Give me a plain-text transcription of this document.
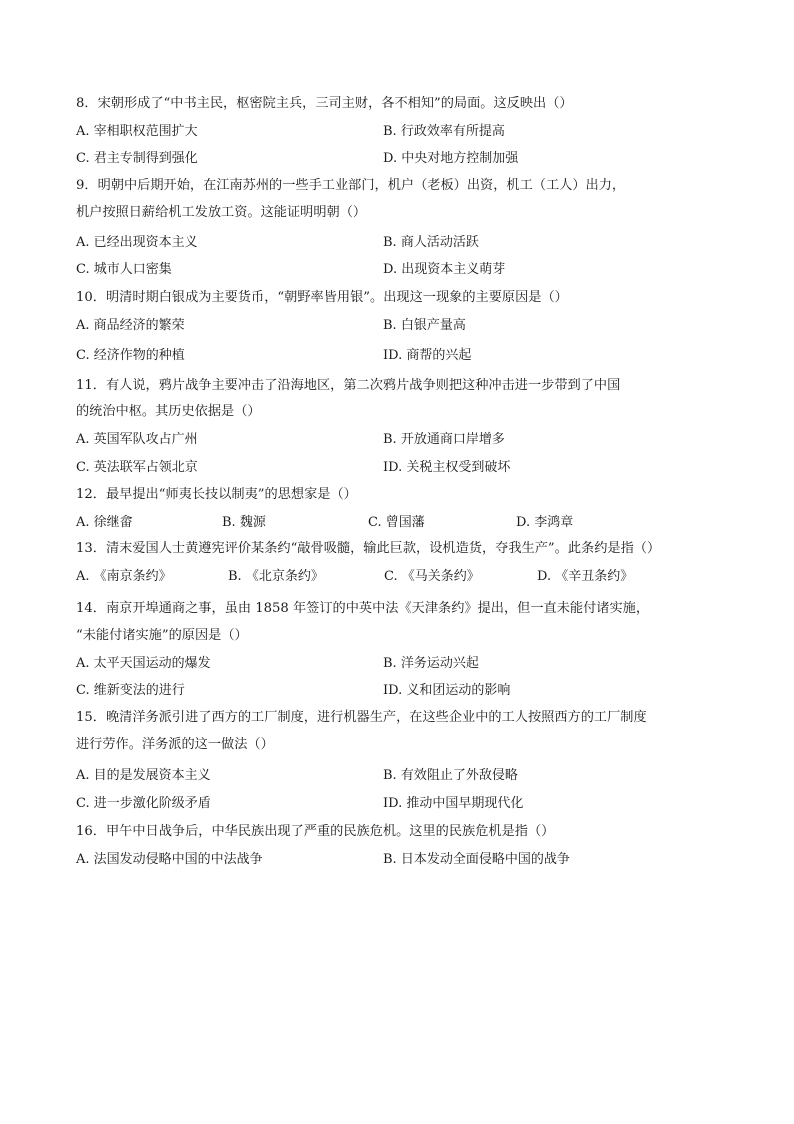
8．宋朝形成了“中书主民，枢密院主兵，三司主财，各不相知”的局面。这反映出（）
A. 宰相职权范围扩大	B. 行政效率有所提高
C. 君主专制得到强化	D. 中央对地方控制加强
9．明朝中后期开始，在江南苏州的一些手工业部门，机户（老板）出资，机工（工人）出力，
机户按照日薪给机工发放工资。这能证明明朝（）
A. 已经出现资本主义	B. 商人活动活跃
C. 城市人口密集	D. 出现资本主义萌芽
10．明清时期白银成为主要货币，“朝野率皆用银”。出现这一现象的主要原因是（）
A. 商品经济的繁荣	B. 白银产量高
C. 经济作物的种植	ID. 商帮的兴起
11．有人说，鸦片战争主要冲击了沿海地区，第二次鸦片战争则把这种冲击进一步带到了中国
的统治中枢。其历史依据是（）
A. 英国军队攻占广州	B. 开放通商口岸增多
C. 英法联军占领北京	ID. 关税主权受到破坏
12．最早提出“师夷长技以制夷”的思想家是（）
A. 徐继畲	B. 魏源	C. 曾国藩	D. 李鸿章
13．清末爱国人士黄遵宪评价某条约“敲骨吸髓，输此巨款，设机造货，夺我生产”。此条约是指（）
A. 《南京条约》	B. 《北京条约》	C. 《马关条约》	D. 《辛丑条约》
14．南京开埠通商之事，虽由 1858 年签订的中英中法《天津条约》提出，但一直未能付诸实施，
“未能付诸实施”的原因是（）
A. 太平天国运动的爆发	B. 洋务运动兴起
C. 维新变法的进行	ID. 义和团运动的影响
15．晚清洋务派引进了西方的工厂制度，进行机器生产，在这些企业中的工人按照西方的工厂制度
进行劳作。洋务派的这一做法（）
A. 目的是发展资本主义	B. 有效阻止了外敌侵略
C. 进一步激化阶级矛盾	ID. 推动中国早期现代化
16．甲午中日战争后，中华民族出现了严重的民族危机。这里的民族危机是指（）
A. 法国发动侵略中国的中法战争	B. 日本发动全面侵略中国的战争
